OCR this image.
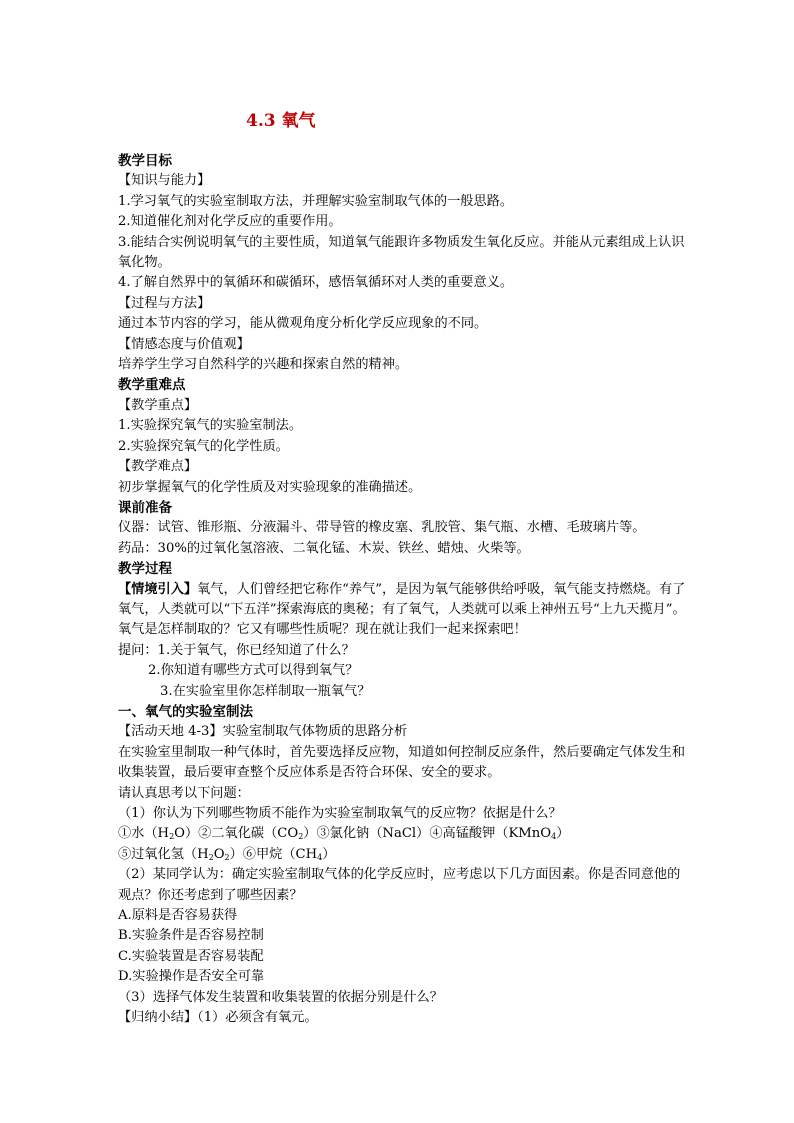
4.3 氧气

教学目标

【知识与能力】

1.学习氧气的实验室制取方法，并理解实验室制取气体的一般思路。

2.知道催化剂对化学反应的重要作用。

3.能结合实例说明氧气的主要性质，知道氧气能跟许多物质发生氧化反应。并能从元素组成上认识氧化物。

4.了解自然界中的氧循环和碳循环，感悟氧循环对人类的重要意义。

【过程与方法】

通过本节内容的学习，能从微观角度分析化学反应现象的不同。

【情感态度与价值观】

培养学生学习自然科学的兴趣和探索自然的精神。

教学重难点

【教学重点】

1.实验探究氧气的实验室制法。

2.实验探究氧气的化学性质。

【教学难点】

初步掌握氧气的化学性质及对实验现象的准确描述。

课前准备

仪器：试管、锥形瓶、分液漏斗、带导管的橡皮塞、乳胶管、集气瓶、水槽、毛玻璃片等。

药品：30%的过氧化氢溶液、二氧化锰、木炭、铁丝、蜡烛、火柴等。

教学过程

【情境引入】氧气，人们曾经把它称作“养气”，是因为氧气能够供给呼吸，氧气能支持燃烧。有了氧气，人类就可以“下五洋”探索海底的奥秘；有了氧气，人类就可以乘上神州五号“上九天揽月”。氧气是怎样制取的？它又有哪些性质呢？现在就让我们一起来探索吧！

提问：1.关于氧气，你已经知道了什么？

2.你知道有哪些方式可以得到氧气？

3.在实验室里你怎样制取一瓶氧气？

一、氧气的实验室制法

【活动天地 4-3】实验室制取气体物质的思路分析

在实验室里制取一种气体时，首先要选择反应物，知道如何控制反应条件，然后要确定气体发生和收集装置，最后要审查整个反应体系是否符合环保、安全的要求。

请认真思考以下问题：

（1）你认为下列哪些物质不能作为实验室制取氧气的反应物？依据是什么？

①水$(H_2O)②$二氧化碳$(CO_2)③$氯化钠（NaCl）④高锰酸钾（KMnO$_4$）

⑤过氧化氢$(H_2O_2)⑥$甲烷$(CH_4)$

（2）某同学认为：确定实验室制取气体的化学反应时，应考虑以下几方面因素。你是否同意他的观点？你还考虑到了哪些因素？

A.原料是否容易获得

B.实验条件是否容易控制

C.实验装置是否容易装配

D.实验操作是否安全可靠

（3）选择气体发生装置和收集装置的依据分别是什么？

【归纳小结】（1）必须含有氧元。
